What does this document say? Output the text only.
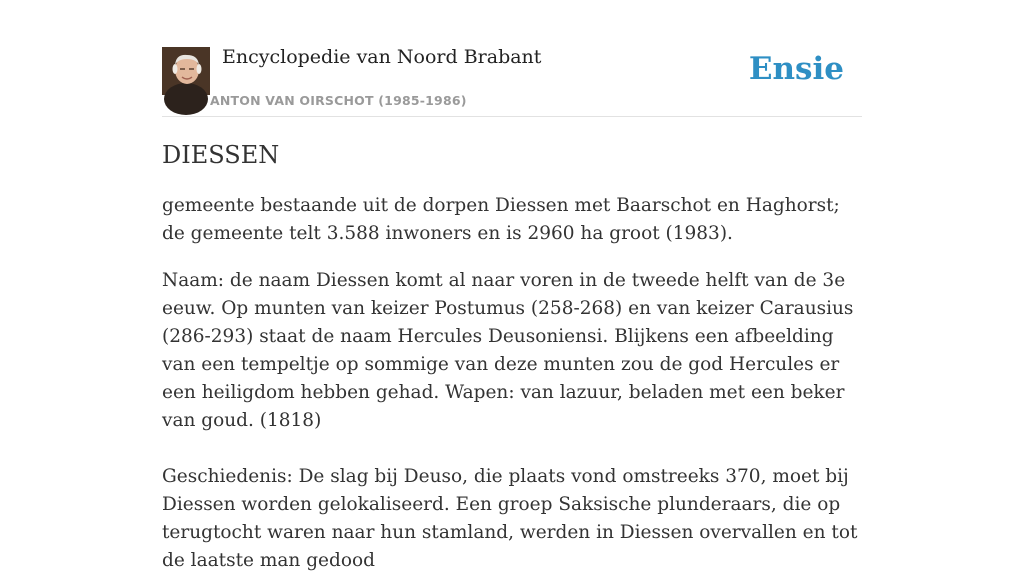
Encyclopedie van Noord Brabant
ANTON VAN OIRSCHOT (1985-1986)
Ensie
DIESSEN

gemeente bestaande uit de dorpen Diessen met Baarschot en Haghorst; de gemeente telt 3.588 inwoners en is 2960 ha groot (1983).

Naam: de naam Diessen komt al naar voren in de tweede helft van de 3e eeuw. Op munten van keizer Postumus (258-268) en van keizer Carausius (286-293) staat de naam Hercules Deusoniensi. Blijkens een afbeelding van een tempeltje op sommige van deze munten zou de god Hercules er een heiligdom hebben gehad. Wapen: van lazuur, beladen met een beker van goud. (1818)

Geschiedenis: De slag bij Deuso, die plaats vond omstreeks 370, moet bij Diessen worden gelokaliseerd. Een groep Saksische plunderaars, die op terugtocht waren naar hun stamland, werden in Diessen overvallen en tot de laatste man gedood
